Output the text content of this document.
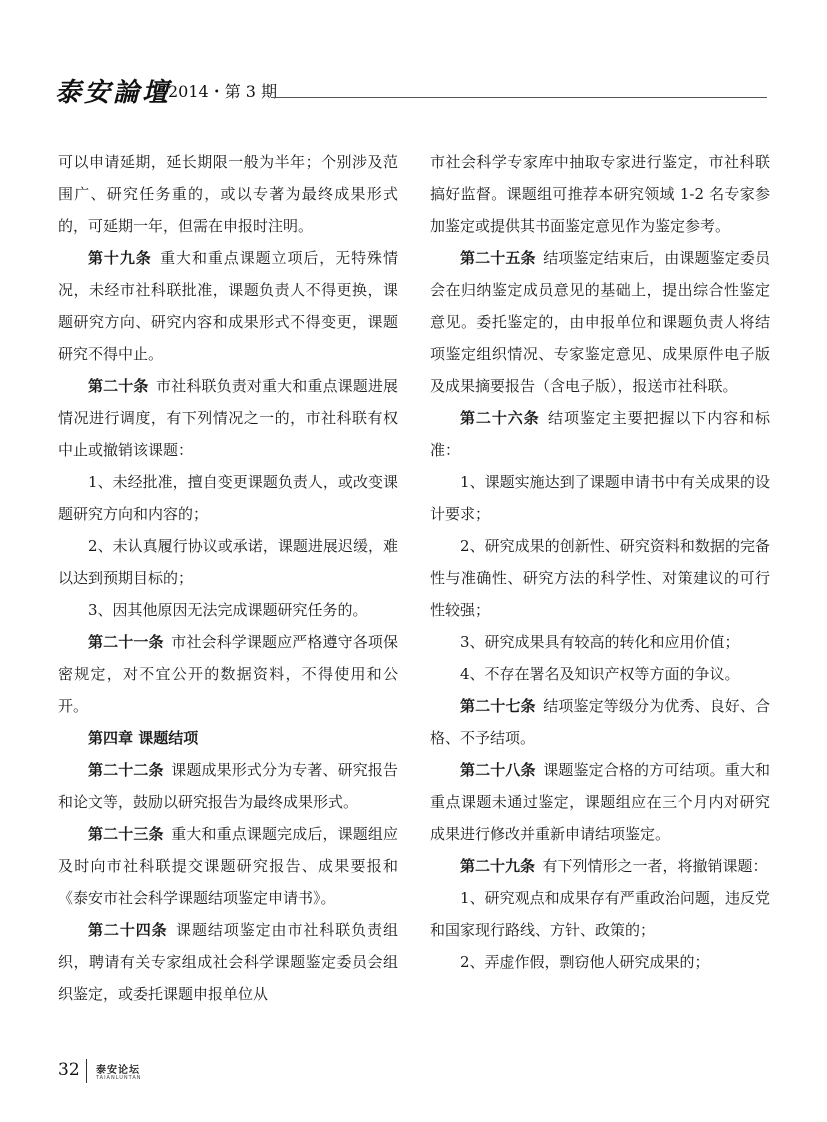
泰安論壇
2014・第 3 期

可以申请延期，延长期限一般为半年；个别涉及范围广、研究任务重的，或以专著为最终成果形式的，可延期一年，但需在申报时注明。

第十九条  重大和重点课题立项后，无特殊情况，未经市社科联批准，课题负责人不得更换，课题研究方向、研究内容和成果形式不得变更，课题研究不得中止。

第二十条  市社科联负责对重大和重点课题进展情况进行调度，有下列情况之一的，市社科联有权中止或撤销该课题：

1、未经批准，擅自变更课题负责人，或改变课题研究方向和内容的；

2、未认真履行协议或承诺，课题进展迟缓，难以达到预期目标的；

3、因其他原因无法完成课题研究任务的。

第二十一条  市社会科学课题应严格遵守各项保密规定，对不宜公开的数据资料，不得使用和公开。

第四章 课题结项

第二十二条  课题成果形式分为专著、研究报告和论文等，鼓励以研究报告为最终成果形式。

第二十三条  重大和重点课题完成后，课题组应及时向市社科联提交课题研究报告、成果要报和《泰安市社会科学课题结项鉴定申请书》。

第二十四条  课题结项鉴定由市社科联负责组织，聘请有关专家组成社会科学课题鉴定委员会组织鉴定，或委托课题申报单位从

市社会科学专家库中抽取专家进行鉴定，市社科联搞好监督。课题组可推荐本研究领域 1-2 名专家参加鉴定或提供其书面鉴定意见作为鉴定参考。

第二十五条  结项鉴定结束后，由课题鉴定委员会在归纳鉴定成员意见的基础上，提出综合性鉴定意见。委托鉴定的，由申报单位和课题负责人将结项鉴定组织情况、专家鉴定意见、成果原件电子版及成果摘要报告（含电子版），报送市社科联。

第二十六条  结项鉴定主要把握以下内容和标准：

1、课题实施达到了课题申请书中有关成果的设计要求；

2、研究成果的创新性、研究资料和数据的完备性与准确性、研究方法的科学性、对策建议的可行性较强；

3、研究成果具有较高的转化和应用价值；

4、不存在署名及知识产权等方面的争议。

第二十七条  结项鉴定等级分为优秀、良好、合格、不予结项。

第二十八条  课题鉴定合格的方可结项。重大和重点课题未通过鉴定，课题组应在三个月内对研究成果进行修改并重新申请结项鉴定。

第二十九条  有下列情形之一者，将撤销课题：

1、研究观点和成果存有严重政治问题，违反党和国家现行路线、方针、政策的；

2、弄虚作假，剽窃他人研究成果的；

32 泰安论坛
TAIANLUNTAN
